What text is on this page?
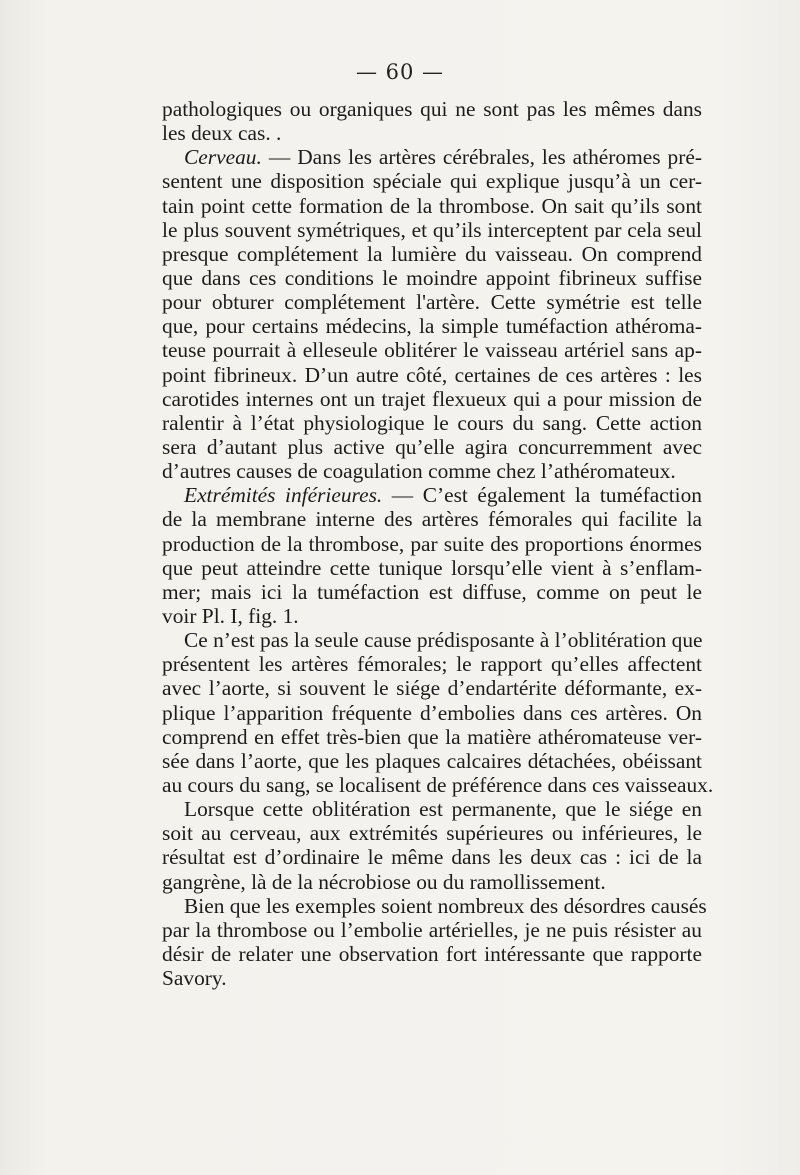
— 60 —
pathologiques ou organiques qui ne sont pas les mêmes dans
les deux cas. .
Cerveau. — Dans les artères cérébrales, les athéromes pré-
sentent une disposition spéciale qui explique jusqu’à un cer-
tain point cette formation de la thrombose. On sait qu’ils sont
le plus souvent symétriques, et qu’ils interceptent par cela seul
presque complétement la lumière du vaisseau. On comprend
que dans ces conditions le moindre appoint fibrineux suffise
pour obturer complétement l'artère. Cette symétrie est telle
que, pour certains médecins, la simple tuméfaction athéroma-
teuse pourrait à elleseule oblitérer le vaisseau artériel sans ap-
point fibrineux. D’un autre côté, certaines de ces artères : les
carotides internes ont un trajet flexueux qui a pour mission de
ralentir à l’état physiologique le cours du sang. Cette action
sera d’autant plus active qu’elle agira concurremment avec
d’autres causes de coagulation comme chez l’athéromateux.
Extrémités inférieures. — C’est également la tuméfaction
de la membrane interne des artères fémorales qui facilite la
production de la thrombose, par suite des proportions énormes
que peut atteindre cette tunique lorsqu’elle vient à s’enflam-
mer; mais ici la tuméfaction est diffuse, comme on peut le
voir Pl. I, fig. 1.
Ce n’est pas la seule cause prédisposante à l’oblitération que
présentent les artères fémorales; le rapport qu’elles affectent
avec l’aorte, si souvent le siége d’endartérite déformante, ex-
plique l’apparition fréquente d’embolies dans ces artères. On
comprend en effet très-bien que la matière athéromateuse ver-
sée dans l’aorte, que les plaques calcaires détachées, obéissant
au cours du sang, se localisent de préférence dans ces vaisseaux.
Lorsque cette oblitération est permanente, que le siége en
soit au cerveau, aux extrémités supérieures ou inférieures, le
résultat est d’ordinaire le même dans les deux cas : ici de la
gangrène, là de la nécrobiose ou du ramollissement.
Bien que les exemples soient nombreux des désordres causés
par la thrombose ou l’embolie artérielles, je ne puis résister au
désir de relater une observation fort intéressante que rapporte
Savory.
